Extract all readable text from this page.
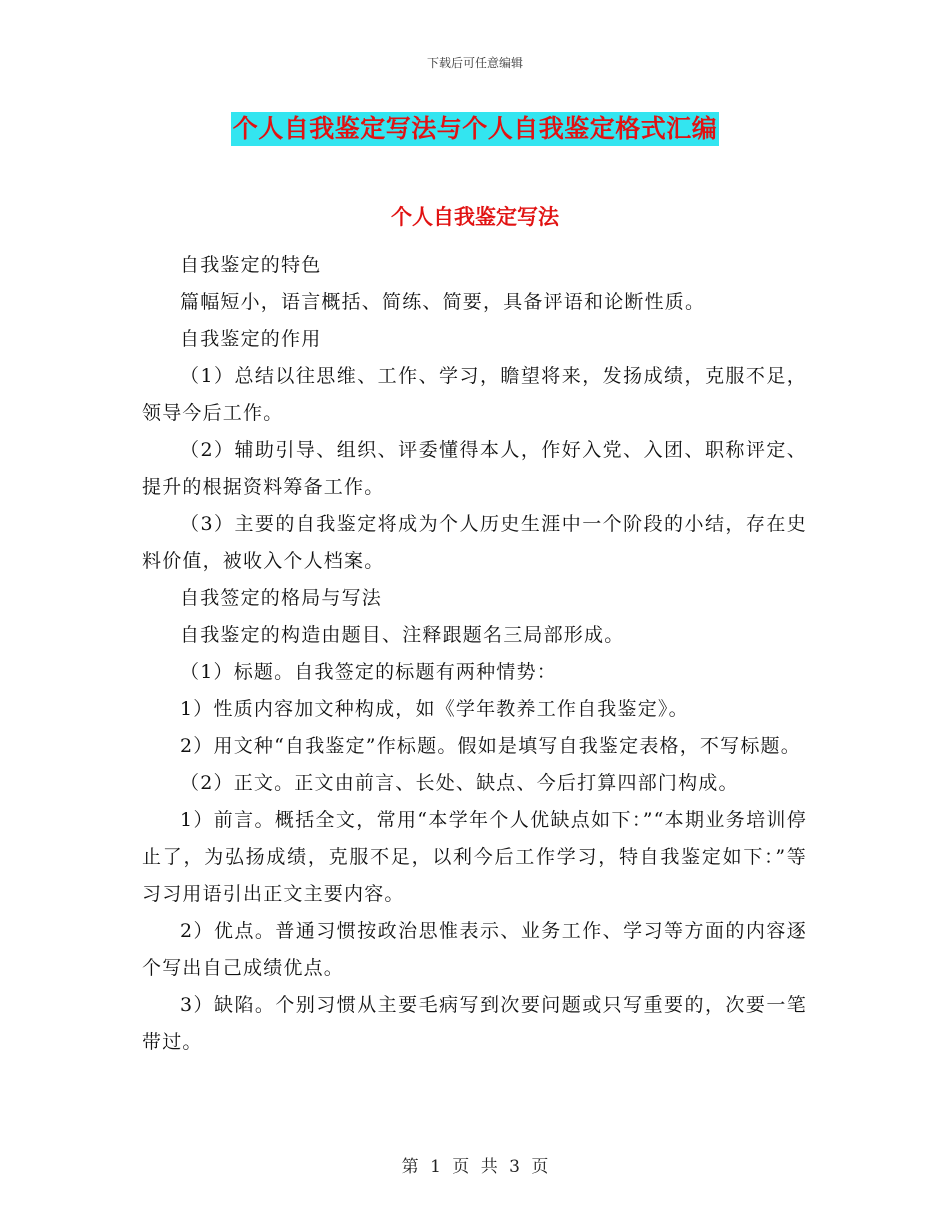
下载后可任意编辑
个人自我鉴定写法与个人自我鉴定格式汇编
个人自我鉴定写法

自我鉴定的特色

篇幅短小，语言概括、简练、简要，具备评语和论断性质。

自我鉴定的作用

（1）总结以往思维、工作、学习，瞻望将来，发扬成绩，克服不足，领导今后工作。

（2）辅助引导、组织、评委懂得本人，作好入党、入团、职称评定、提升的根据资料筹备工作。

（3）主要的自我鉴定将成为个人历史生涯中一个阶段的小结，存在史料价值，被收入个人档案。

自我签定的格局与写法

自我鉴定的构造由题目、注释跟题名三局部形成。

（1）标题。自我签定的标题有两种情势：

1）性质内容加文种构成，如《学年教养工作自我鉴定》。

2）用文种“自我鉴定”作标题。假如是填写自我鉴定表格，不写标题。

（2）正文。正文由前言、长处、缺点、今后打算四部门构成。

1）前言。概括全文，常用“本学年个人优缺点如下：”“本期业务培训停止了，为弘扬成绩，克服不足，以利今后工作学习，特自我鉴定如下：”等习习用语引出正文主要内容。

2）优点。普通习惯按政治思惟表示、业务工作、学习等方面的内容逐个写出自己成绩优点。

3）缺陷。个别习惯从主要毛病写到次要问题或只写重要的，次要一笔带过。

第 1 页 共 3 页
